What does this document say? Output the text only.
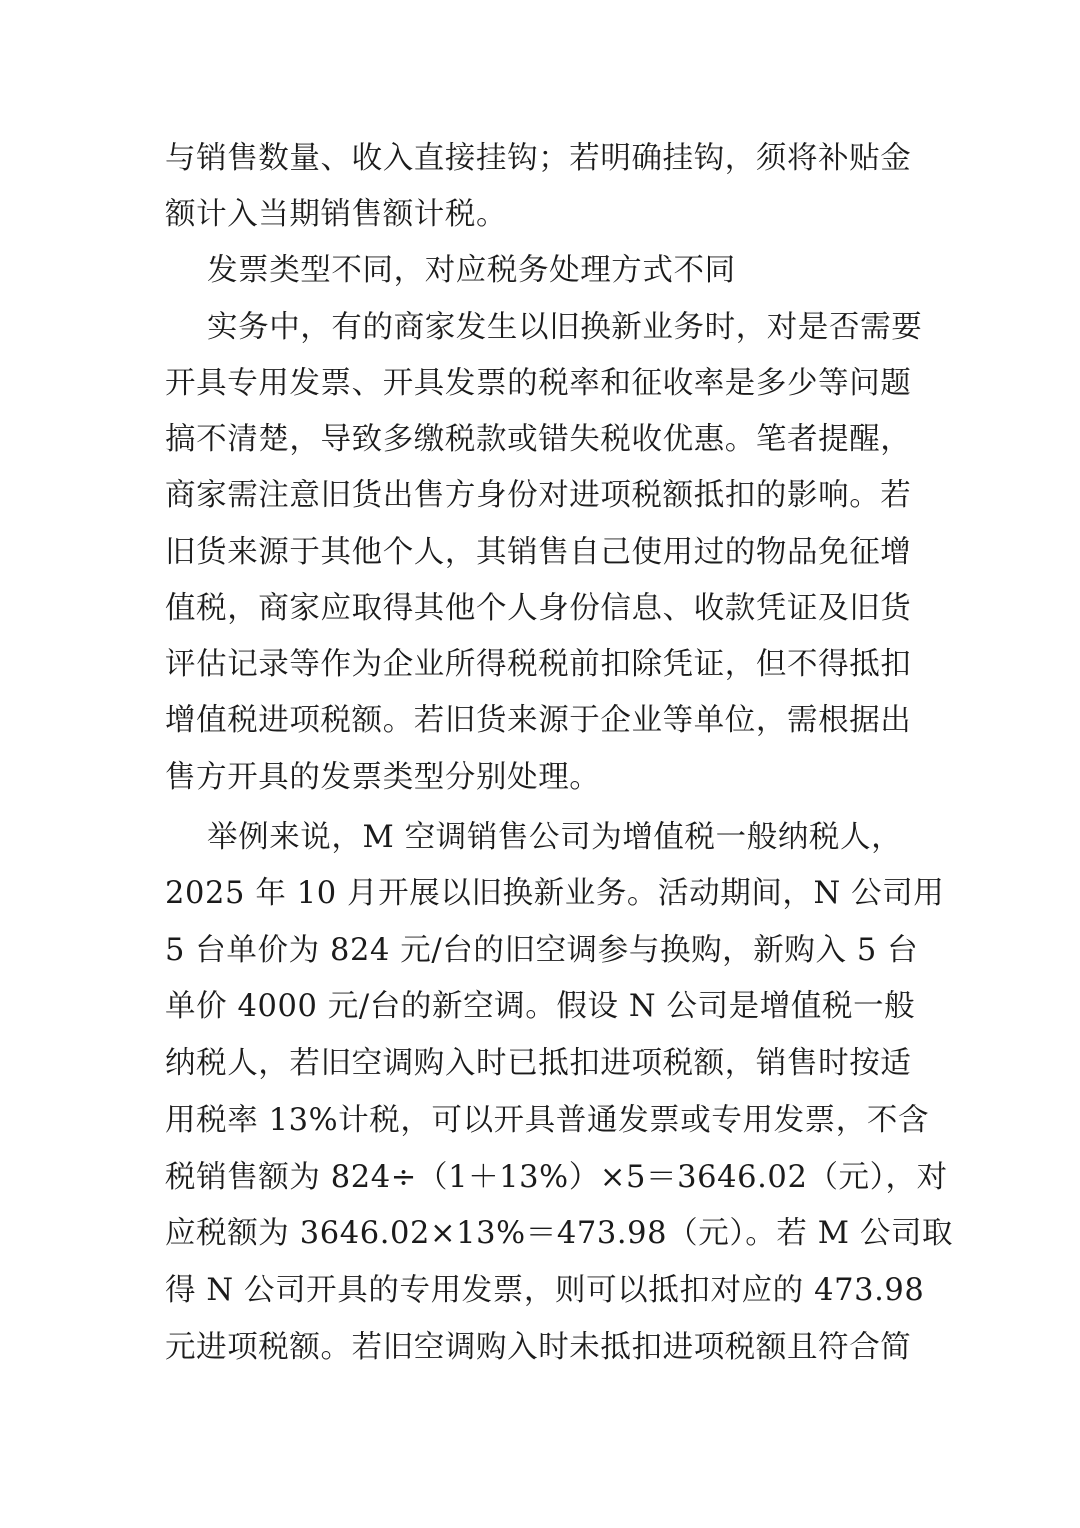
与销售数量、收入直接挂钩；若明确挂钩，须将补贴金
额计入当期销售额计税。
发票类型不同，对应税务处理方式不同
实务中，有的商家发生以旧换新业务时，对是否需要
开具专用发票、开具发票的税率和征收率是多少等问题
搞不清楚，导致多缴税款或错失税收优惠。笔者提醒，
商家需注意旧货出售方身份对进项税额抵扣的影响。若
旧货来源于其他个人，其销售自己使用过的物品免征增
值税，商家应取得其他个人身份信息、收款凭证及旧货
评估记录等作为企业所得税税前扣除凭证，但不得抵扣
增值税进项税额。若旧货来源于企业等单位，需根据出
售方开具的发票类型分别处理。
举例来说，M 空调销售公司为增值税一般纳税人，
2025 年 10 月开展以旧换新业务。活动期间，N 公司用
5 台单价为 824 元/台的旧空调参与换购，新购入 5 台
单价 4000 元/台的新空调。假设 N 公司是增值税一般
纳税人，若旧空调购入时已抵扣进项税额，销售时按适
用税率 13%计税，可以开具普通发票或专用发票，不含
税销售额为 824÷（1＋13%）×5＝3646.02（元），对
应税额为 3646.02×13%＝473.98（元）。若 M 公司取
得 N 公司开具的专用发票，则可以抵扣对应的 473.98
元进项税额。若旧空调购入时未抵扣进项税额且符合简
